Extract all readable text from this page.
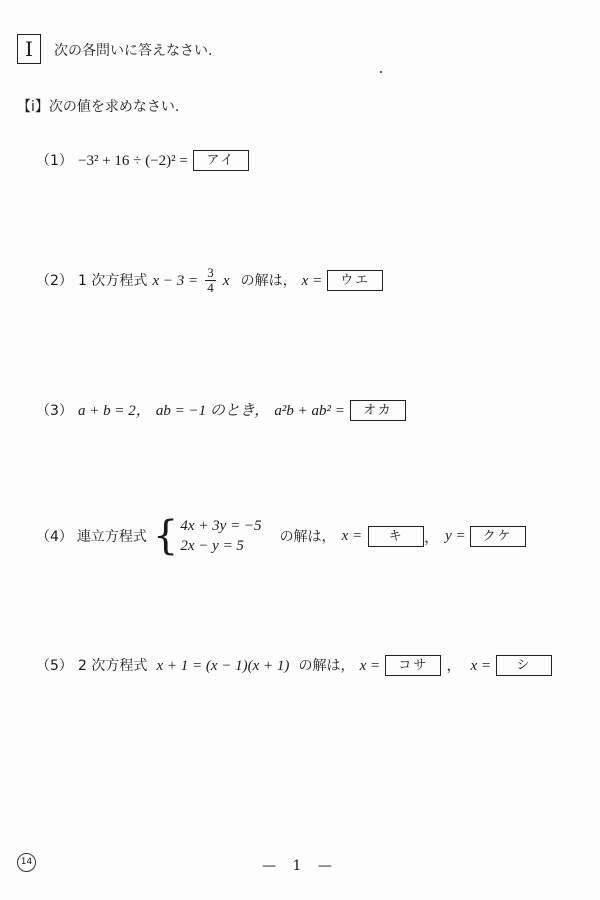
I	次の各問いに答えなさい.
【ⅰ】次の値を求めなさい.
（1） −3² + 16 ÷ (−2)² = アイ
（2） 1 次方程式 $x - 3 = \frac{3}{4}$ x の解は， x = ウエ
（3） a + b = 2， ab = −1 のとき， a²b + ab² = オカ
（4） 連立方程式 { 4x + 3y = −5
2x − y = 5
の解は， x =	キ	， y =	クケ
（5） 2 次方程式 x + 1 = (x − 1)(x + 1) の解は， x = コサ ， x = シ
14	— 1 —
